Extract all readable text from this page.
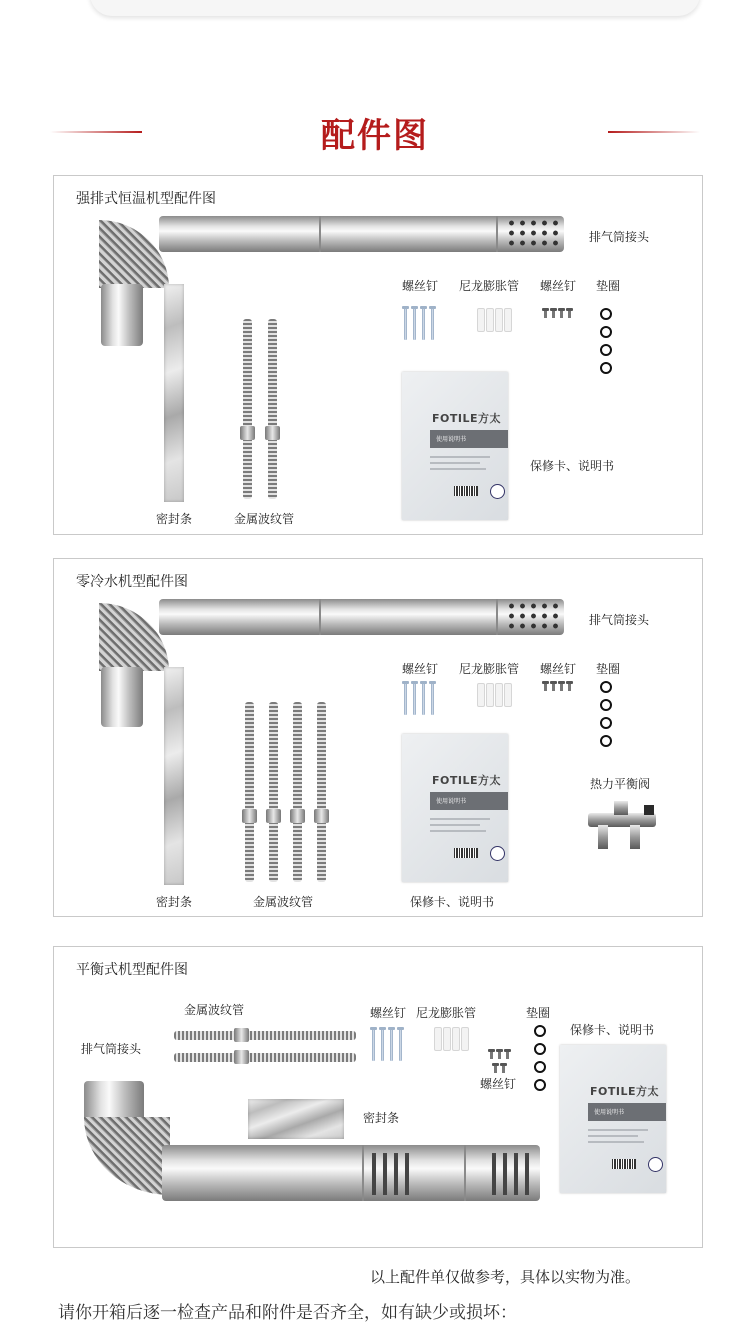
配件图
强排式恒温机型配件图
排气筒接头
密封条	金属波纹管
螺丝钉 尼龙膨胀管 螺丝钉 垫圈
FOTILE方太
使用说明书
保修卡、说明书
零冷水机型配件图
排气筒接头
密封条	金属波纹管
螺丝钉 尼龙膨胀管 螺丝钉 垫圈
FOTILE方太
使用说明书
保修卡、说明书
热力平衡阀
平衡式机型配件图
金属波纹管
排气筒接头
密封条
螺丝钉 尼龙膨胀管
螺丝钉
垫圈
保修卡、说明书
FOTILE方太
使用说明书
以上配件单仅做参考，具体以实物为准。
请你开箱后逐一检查产品和附件是否齐全，如有缺少或损坏：
